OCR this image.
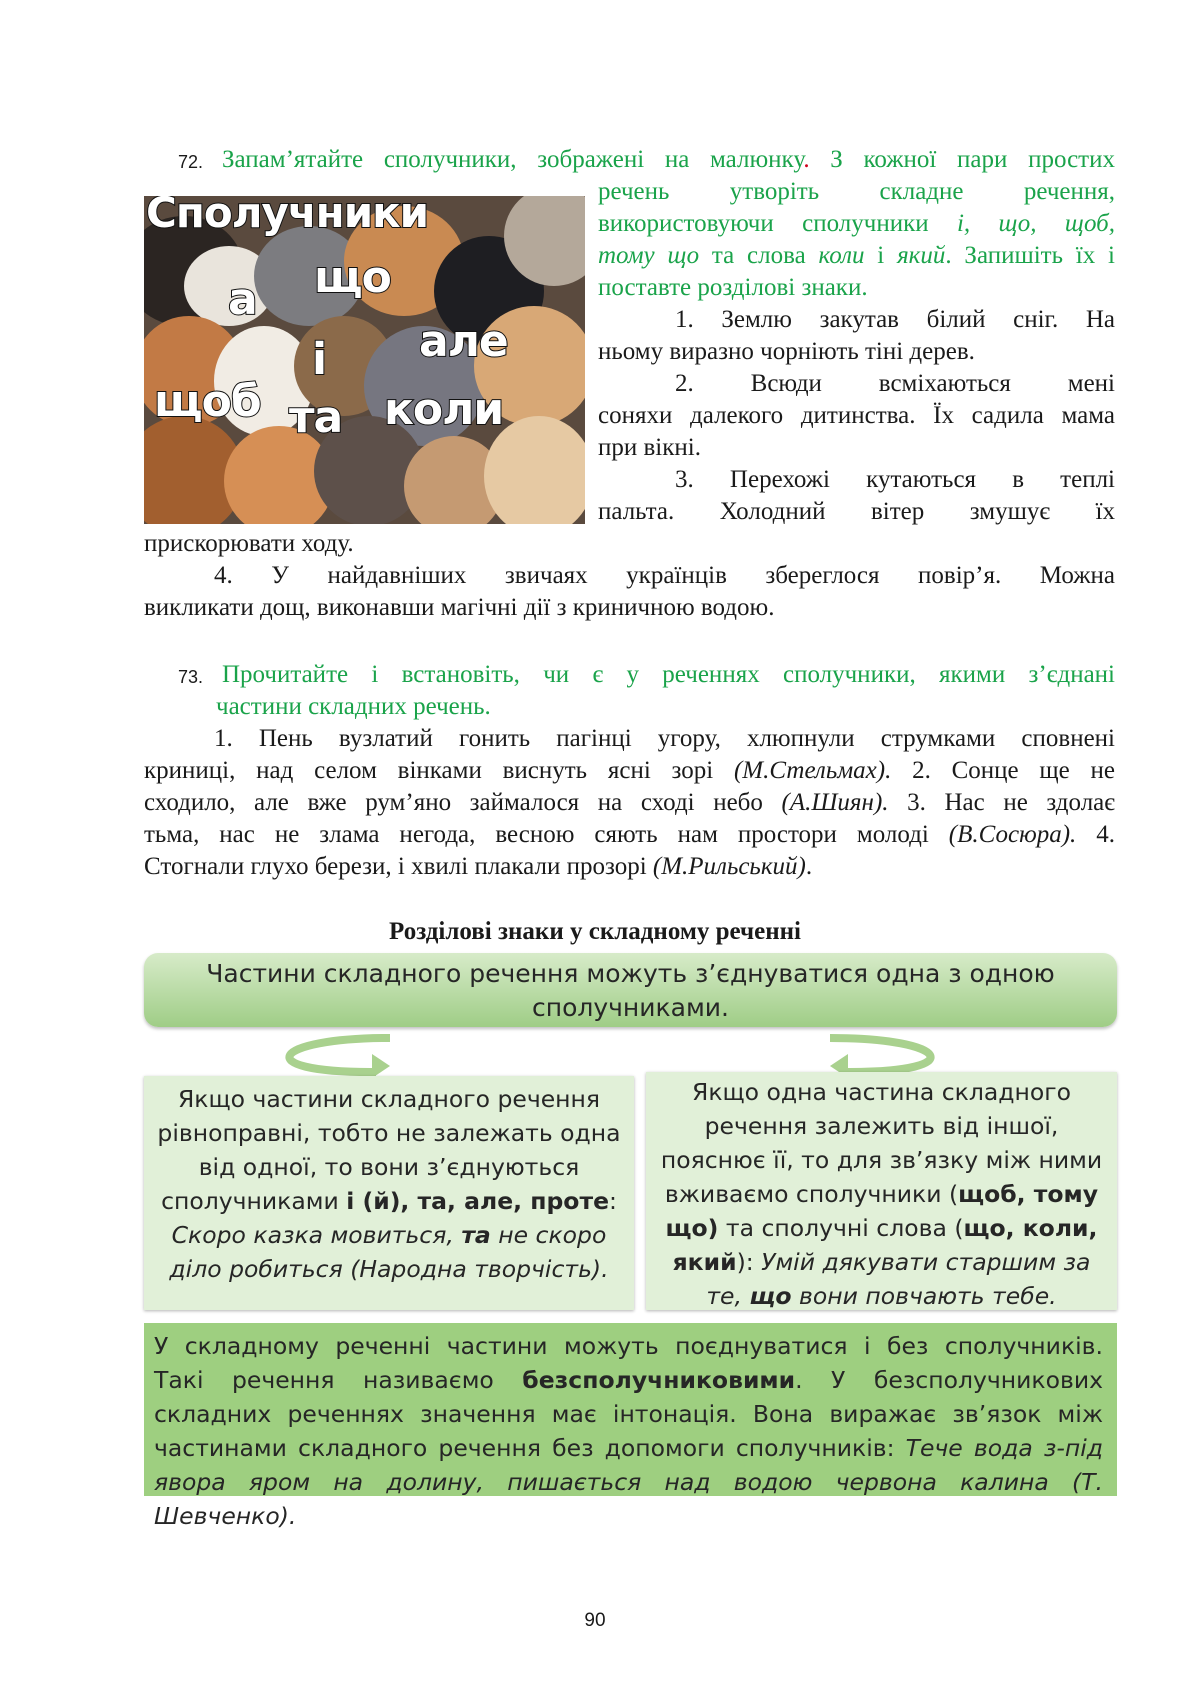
72. Запам’ятайте сполучники, зображені на малюнку. З кожної пари простих
речень утворіть складне речення,
використовуючи сполучники і, що, щоб,
тому що та слова коли і який. Запишіть їх і
поставте розділові знаки.
Сполучники
а що
але
і
щоб та коли
1. Землю закутав білий сніг. На
ньому виразно чорніють тіні дерев.
2. Всюди всміхаються мені
соняхи далекого дитинства. Їх садила мама
при вікні.
3. Перехожі кутаються в теплі
пальта. Холодний вітер змушує їх
прискорювати ходу.
4. У найдавніших звичаях українців збереглося повір’я. Можна
викликати дощ, виконавши магічні дії з криничною водою.
73. Прочитайте і встановіть, чи є у реченнях сполучники, якими з’єднані
частини складних речень.
1. Пень вузлатий гонить пагінці угору, хлюпнули струмками сповнені
криниці, над селом вінками виснуть ясні зорі (М.Стельмах). 2. Сонце ще не
сходило, але вже рум’яно займалося на сході небо (А.Шиян). 3. Нас не здолає
тьма, нас не злама негода, весною сяють нам простори молоді (В.Сосюра). 4.
Стогнали глухо берези, і хвилі плакали прозорі (М.Рильський).
Розділові знаки у складному реченні
Частини складного речення можуть з’єднуватися одна з одною
сполучниками.
Якщо частини складного речення
рівноправні, тобто не залежать одна
від одної, то вони з’єднуються
сполучниками і (й), та, але, проте:
Скоро казка мовиться, та не скоро
діло робиться (Народна творчість).
Якщо одна частина складного
речення залежить від іншої,
пояснює її, то для зв’язку між ними
вживаємо сполучники (щоб, тому
що) та сполучні слова (що, коли,
який): Умій дякувати старшим за
те, що вони повчають тебе.
У складному реченні частини можуть поєднуватися і без сполучників.
Такі речення називаємо безсполучниковими. У безсполучникових
складних реченнях значення має інтонація. Вона виражає зв’язок між
частинами складного речення без допомоги сполучників: Тече вода з-під
явора яром на долину, пишається над водою червона калина (Т. Шевченко).
90
